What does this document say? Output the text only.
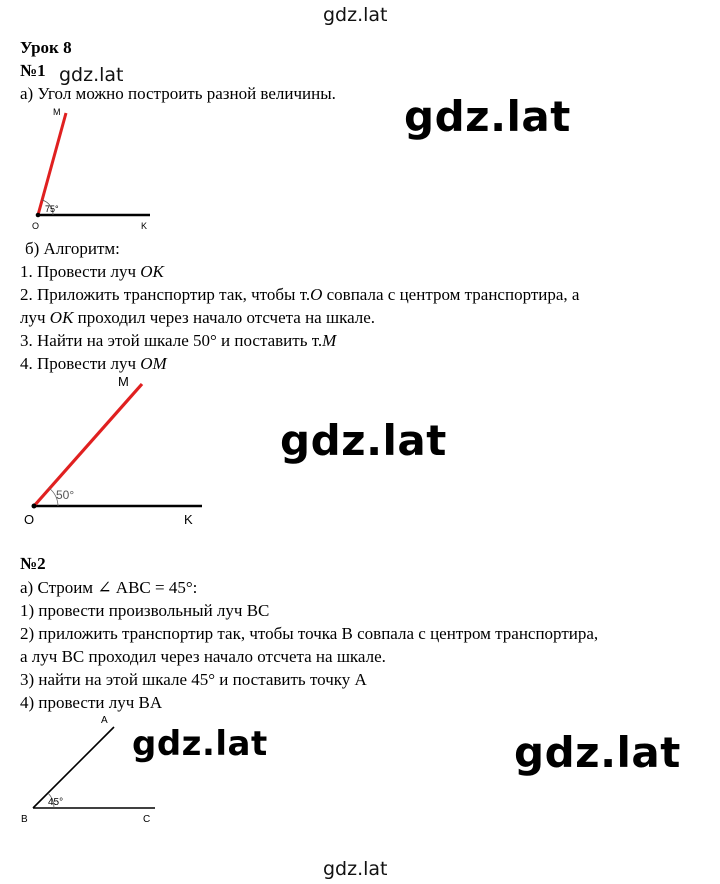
gdz.lat
gdz.lat
gdz.lat
gdz.lat
gdz.lat	gdz.lat
gdz.lat
Урок 8
№1
а) Угол можно построить разной величины.
M
O	K
75°
б) Алгоритм:
1. Провести луч OK
2. Приложить транспортир так, чтобы т.O совпала с центром транспортира, а
луч OK проходил через начало отсчета на шкале.
3. Найти на этой шкале 50° и поставить т.M
4. Провести луч OM
M
O	K
50°
№2
а) Строим ∠ ABC = 45°:
1) провести произвольный луч BC
2) приложить транспортир так, чтобы точка B совпала с центром транспортира,
а луч BC проходил через начало отсчета на шкале.
3) найти на этой шкале 45° и поставить точку A
4) провести луч BA
A
B	C
45°
